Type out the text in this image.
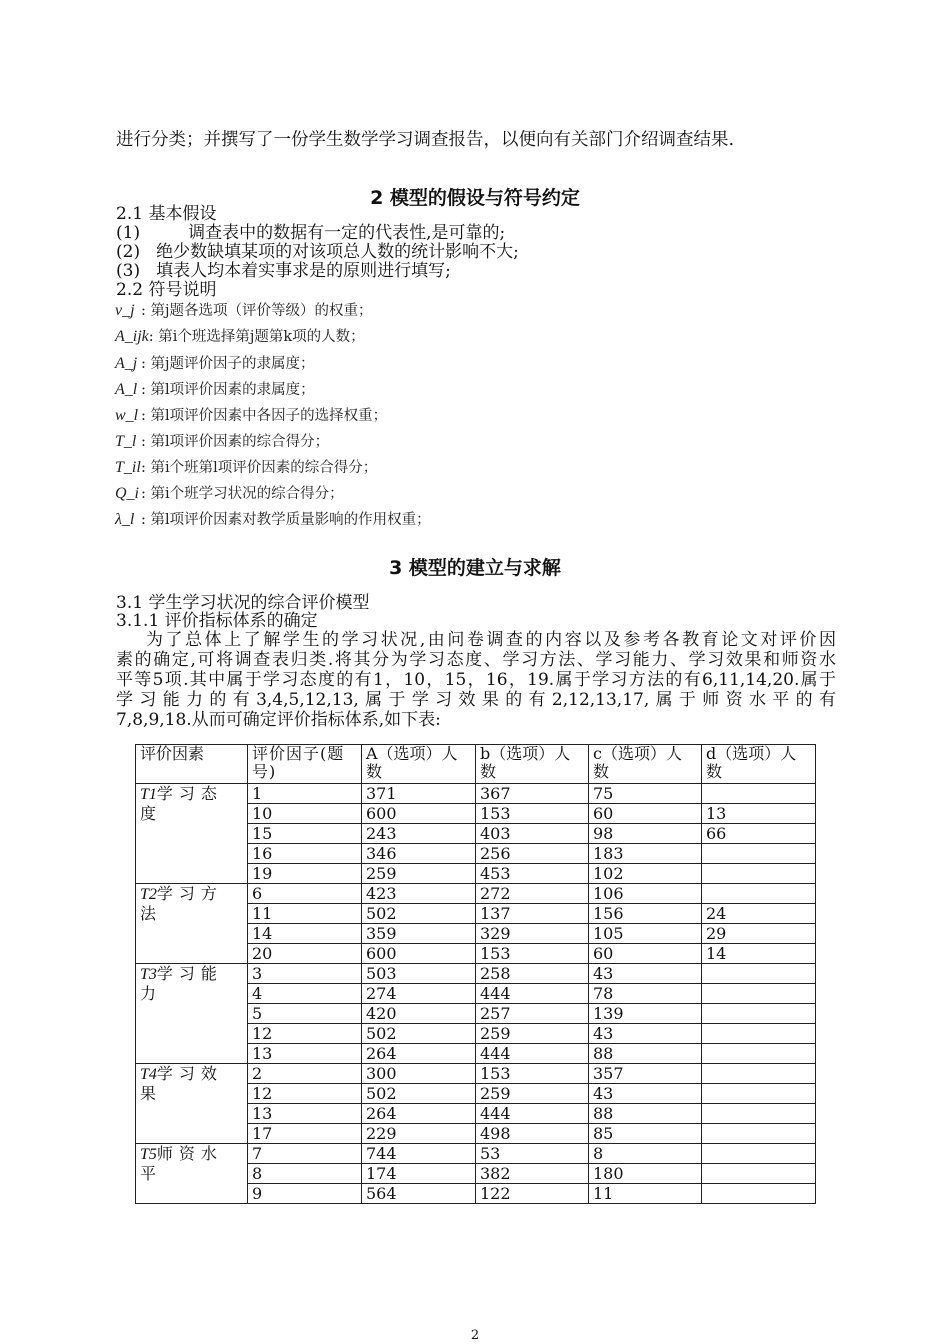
进行分类；并撰写了一份学生数学学习调查报告，以便向有关部门介绍调查结果.
2 模型的假设与符号约定
2.1 基本假设
(1)	调查表中的数据有一定的代表性,是可靠的;
(2) 绝少数缺填某项的对该项总人数的统计影响不大;
(3) 填表人均本着实事求是的原则进行填写;
2.2 符号说明
v_j : 第j题各选项（评价等级）的权重；
A_ijk: 第i个班选择第j题第k项的人数；
A_j : 第j题评价因子的隶属度；
A_l : 第l项评价因素的隶属度；
w_l : 第l项评价因素中各因子的选择权重；
T_l : 第l项评价因素的综合得分；
T_il: 第i个班第l项评价因素的综合得分；
Q_i : 第i个班学习状况的综合得分；
λ_l : 第l项评价因素对教学质量影响的作用权重；
3 模型的建立与求解
3.1 学生学习状况的综合评价模型
3.1.1 评价指标体系的确定
为了总体上了解学生的学习状况,由问卷调查的内容以及参考各教育论文对评价因
素的确定,可将调查表归类.将其分为学习态度、学习方法、学习能力、学习效果和师资水
平等5项.其中属于学习态度的有1，10，15，16，19.属于学习方法的有6,11,14,20.属于
学习能力的有3,4,5,12,13,属于学习效果的有2,12,13,17,属于师资水平的有
7,8,9,18.从而可确定评价指标体系,如下表:
评价因素	评价因子(题号)	A（选项）人数	b（选项）人数	c（选项）人数	d（选项）人数
T1学习态度	1	371	367	75	
	10	600	153	60	13
	15	243	403	98	66
	16	346	256	183	
	19	259	453	102	
T2学习方法	6	423	272	106	
	11	502	137	156	24
	14	359	329	105	29
	20	600	153	60	14
T3学习能力	3	503	258	43	
	4	274	444	78	
	5	420	257	139	
	12	502	259	43	
	13	264	444	88	
T4学习效果	2	300	153	357	
	12	502	259	43	
	13	264	444	88	
	17	229	498	85	
T5师资水平	7	744	53	8	
	8	174	382	180	
	9	564	122	11	
2
